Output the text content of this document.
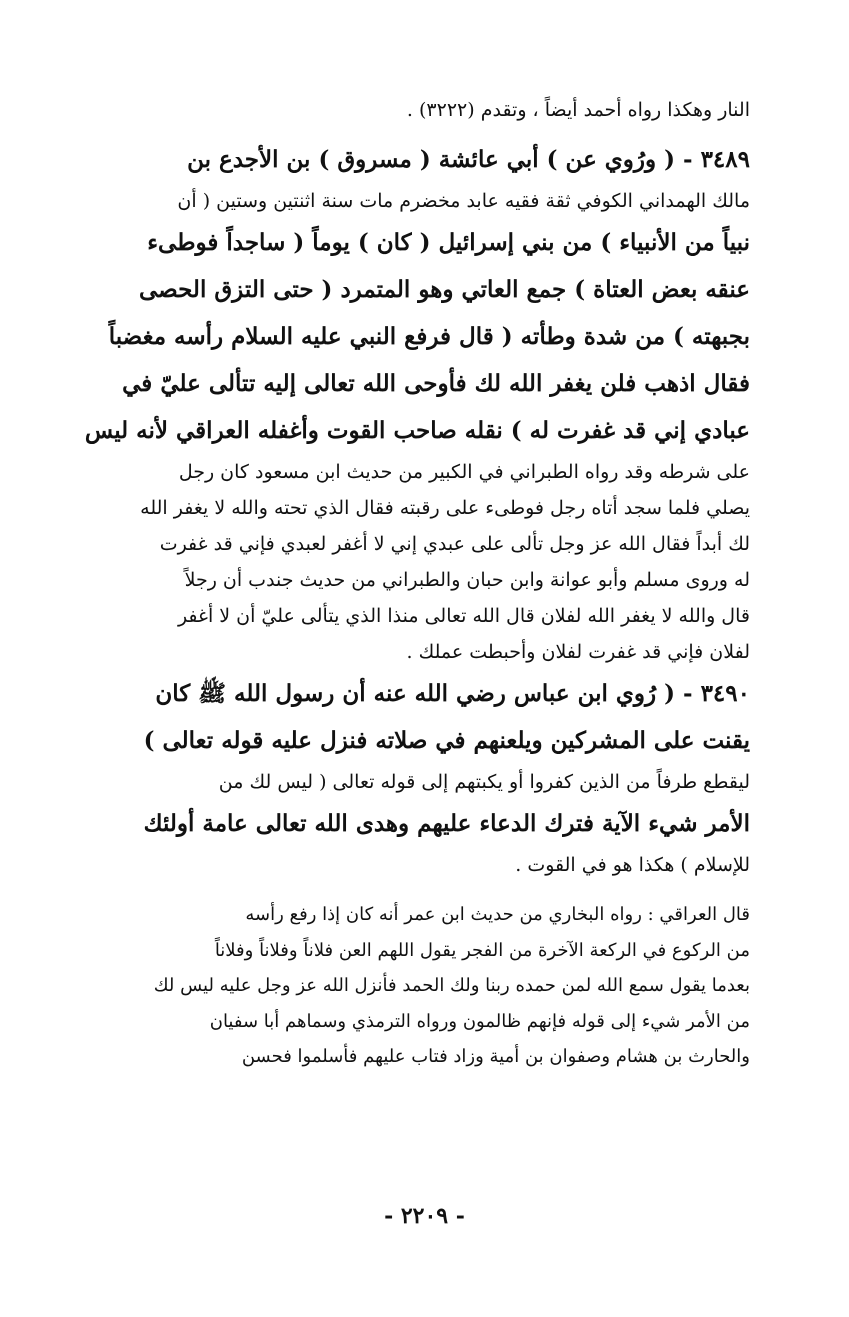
النار وهكذا رواه أحمد أيضاً ، وتقدم (٣٢٢٢) .
٣٤٨٩ - ( ورُوي عن ) أبي عائشة ( مسروق ) بن الأجدع بن
مالك الهمداني الكوفي ثقة فقيه عابد مخضرم مات سنة اثنتين وستين ( أن
نبياً من الأنبياء ) من بني إسرائيل ( كان ) يوماً ( ساجداً فوطىء
عنقه بعض العتاة ) جمع العاتي وهو المتمرد ( حتى التزق الحصى
بجبهته ) من شدة وطأته ( قال فرفع النبي عليه السلام رأسه مغضباً
فقال اذهب فلن يغفر الله لك فأوحى الله تعالى إليه تتألى عليّ في
عبادي إني قد غفرت له ) نقله صاحب القوت وأغفله العراقي لأنه ليس
على شرطه وقد رواه الطبراني في الكبير من حديث ابن مسعود كان رجل
يصلي فلما سجد أتاه رجل فوطىء على رقبته فقال الذي تحته والله لا يغفر الله
لك أبداً فقال الله عز وجل تألى على عبدي إني لا أغفر لعبدي فإني قد غفرت
له وروى مسلم وأبو عوانة وابن حبان والطبراني من حديث جندب أن رجلاً
قال والله لا يغفر الله لفلان قال الله تعالى منذا الذي يتألى عليّ أن لا أغفر
لفلان فإني قد غفرت لفلان وأحبطت عملك .
٣٤٩٠ - ( رُوي ابن عباس رضي الله عنه أن رسول الله ﷺ كان
يقنت على المشركين ويلعنهم في صلاته فنزل عليه قوله تعالى )
ليقطع طرفاً من الذين كفروا أو يكبتهم إلى قوله تعالى ( ليس لك من
الأمر شيء الآية فترك الدعاء عليهم وهدى الله تعالى عامة أولئك
للإسلام ) هكذا هو في القوت .
قال العراقي : رواه البخاري من حديث ابن عمر أنه كان إذا رفع رأسه
من الركوع في الركعة الآخرة من الفجر يقول اللهم العن فلاناً وفلاناً وفلاناً
بعدما يقول سمع الله لمن حمده ربنا ولك الحمد فأنزل الله عز وجل عليه ليس لك
من الأمر شيء إلى قوله فإنهم ظالمون ورواه الترمذي وسماهم أبا سفيان
والحارث بن هشام وصفوان بن أمية وزاد فتاب عليهم فأسلموا فحسن
- ٢٢٠٩ -
